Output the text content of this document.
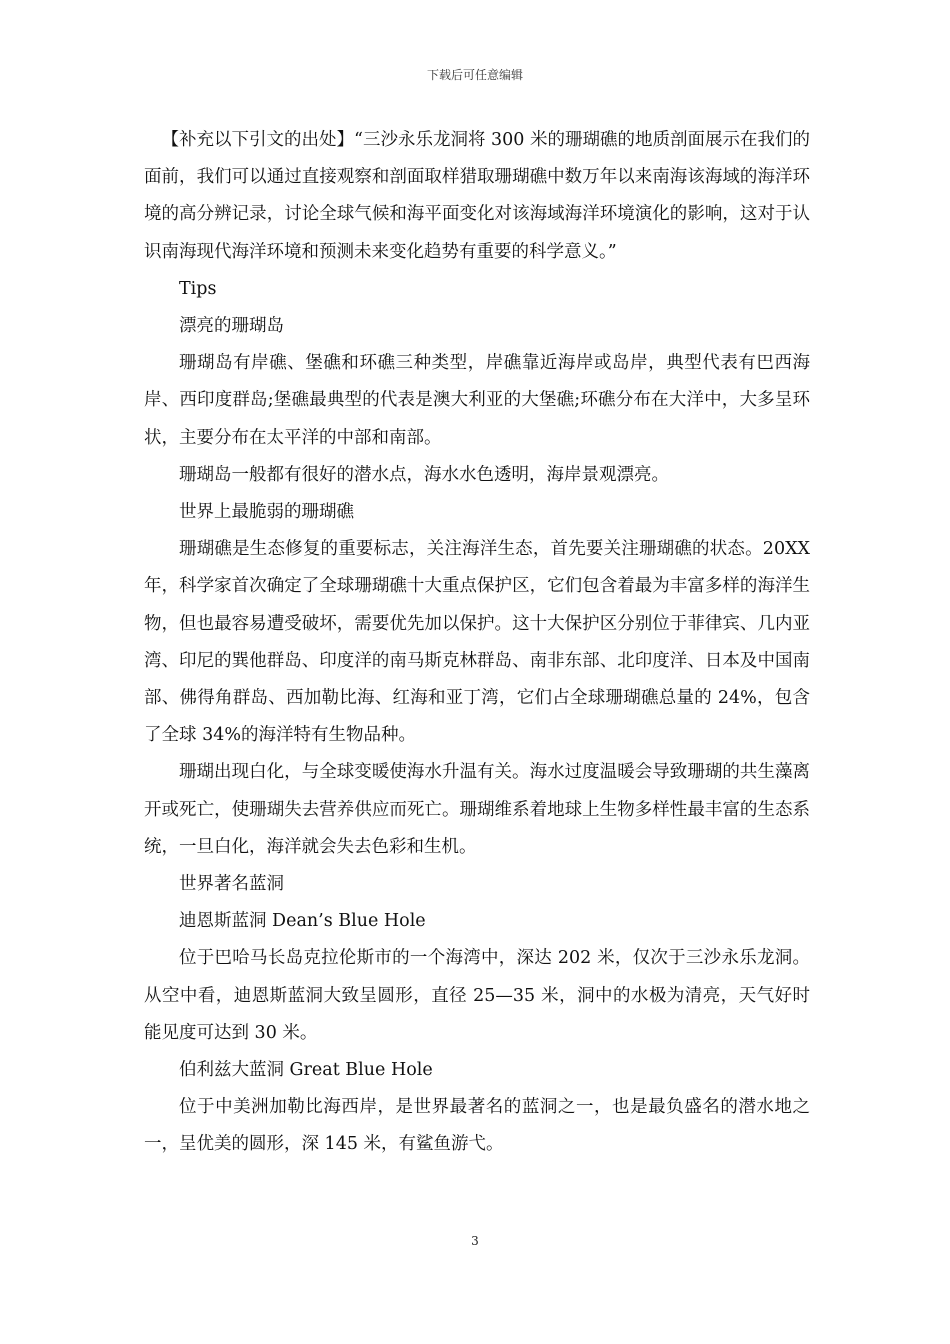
下载后可任意编辑

【补充以下引文的出处】“三沙永乐龙洞将 300 米的珊瑚礁的地质剖面展示在我们的面前，我们可以通过直接观察和剖面取样猎取珊瑚礁中数万年以来南海该海域的海洋环境的高分辨记录，讨论全球气候和海平面变化对该海域海洋环境演化的影响，这对于认识南海现代海洋环境和预测未来变化趋势有重要的科学意义。”

Tips

漂亮的珊瑚岛

珊瑚岛有岸礁、堡礁和环礁三种类型，岸礁靠近海岸或岛岸，典型代表有巴西海岸、西印度群岛;堡礁最典型的代表是澳大利亚的大堡礁;环礁分布在大洋中，大多呈环状，主要分布在太平洋的中部和南部。

珊瑚岛一般都有很好的潜水点，海水水色透明，海岸景观漂亮。

世界上最脆弱的珊瑚礁

珊瑚礁是生态修复的重要标志，关注海洋生态，首先要关注珊瑚礁的状态。20XX 年，科学家首次确定了全球珊瑚礁十大重点保护区，它们包含着最为丰富多样的海洋生物，但也最容易遭受破坏，需要优先加以保护。这十大保护区分别位于菲律宾、几内亚湾、印尼的巽他群岛、印度洋的南马斯克林群岛、南非东部、北印度洋、日本及中国南部、佛得角群岛、西加勒比海、红海和亚丁湾，它们占全球珊瑚礁总量的 24%，包含了全球 34%的海洋特有生物品种。

珊瑚出现白化，与全球变暖使海水升温有关。海水过度温暖会导致珊瑚的共生藻离开或死亡，使珊瑚失去营养供应而死亡。珊瑚维系着地球上生物多样性最丰富的生态系统，一旦白化，海洋就会失去色彩和生机。

世界著名蓝洞

迪恩斯蓝洞 Dean’s Blue Hole

位于巴哈马长岛克拉伦斯市的一个海湾中，深达 202 米，仅次于三沙永乐龙洞。从空中看，迪恩斯蓝洞大致呈圆形，直径 25—35 米，洞中的水极为清亮，天气好时能见度可达到 30 米。

伯利兹大蓝洞 Great Blue Hole

位于中美洲加勒比海西岸，是世界最著名的蓝洞之一，也是最负盛名的潜水地之一，呈优美的圆形，深 145 米，有鲨鱼游弋。

3
